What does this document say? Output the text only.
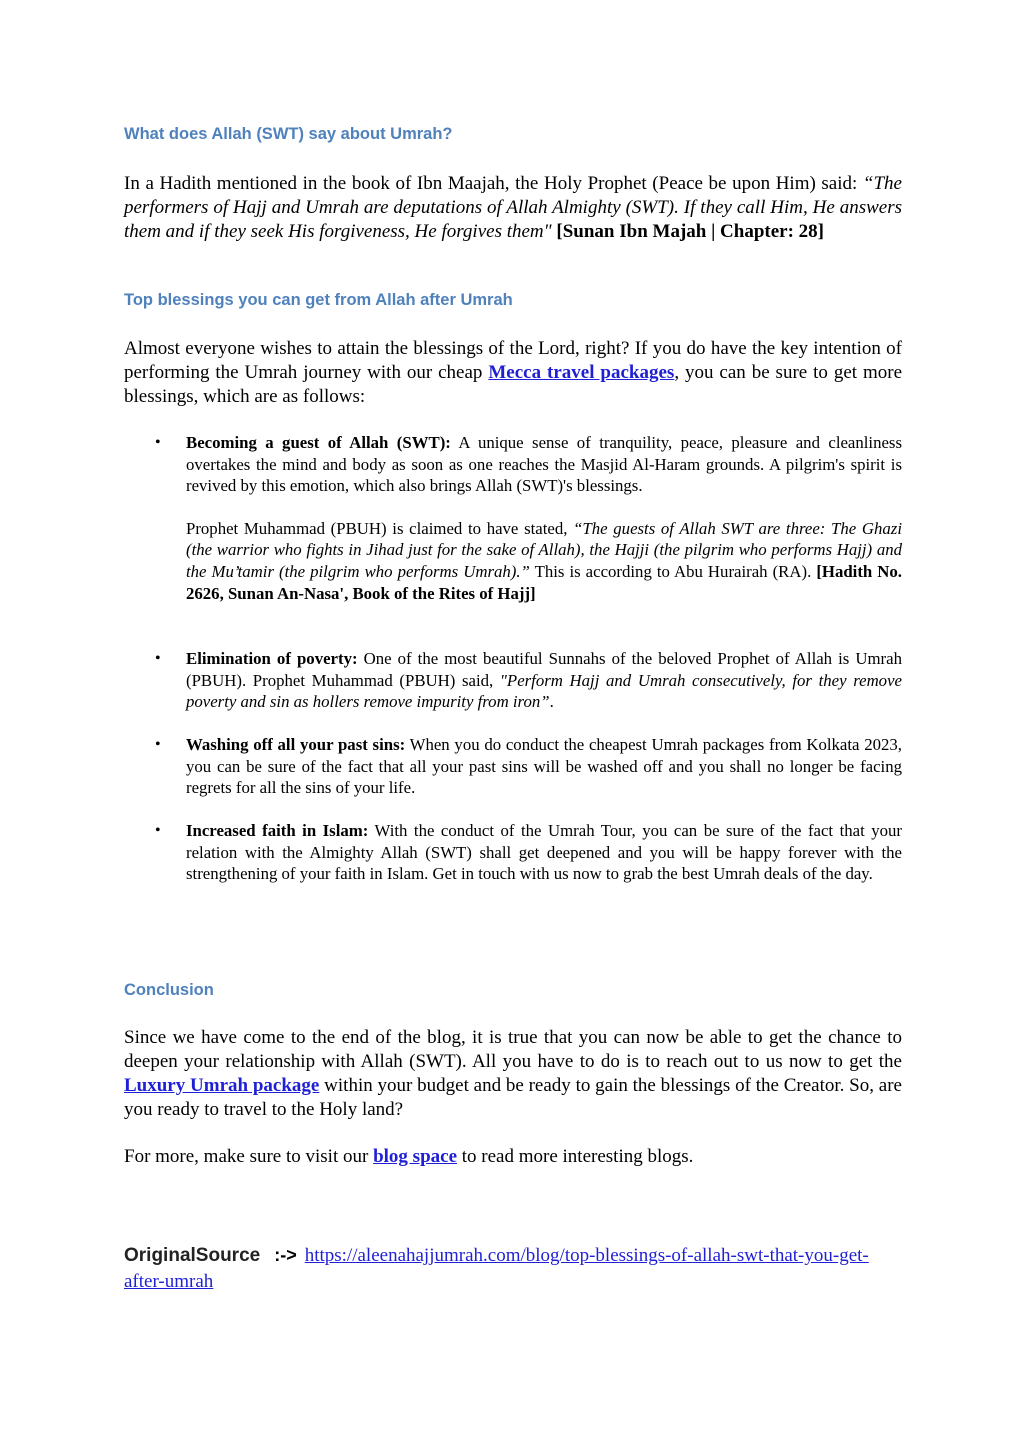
What does Allah (SWT) say about Umrah?

In a Hadith mentioned in the book of Ibn Maajah, the Holy Prophet (Peace be upon Him) said: “The performers of Hajj and Umrah are deputations of Allah Almighty (SWT). If they call Him, He answers them and if they seek His forgiveness, He forgives them" [Sunan Ibn Majah | Chapter: 28]

Top blessings you can get from Allah after Umrah

Almost everyone wishes to attain the blessings of the Lord, right? If you do have the key intention of performing the Umrah journey with our cheap Mecca travel packages, you can be sure to get more blessings, which are as follows:

• Becoming a guest of Allah (SWT): A unique sense of tranquility, peace, pleasure and cleanliness overtakes the mind and body as soon as one reaches the Masjid Al-Haram grounds. A pilgrim's spirit is revived by this emotion, which also brings Allah (SWT)'s blessings.
Prophet Muhammad (PBUH) is claimed to have stated, “The guests of Allah SWT are three: The Ghazi (the warrior who fights in Jihad just for the sake of Allah), the Hajji (the pilgrim who performs Hajj) and the Mu’tamir (the pilgrim who performs Umrah).” This is according to Abu Hurairah (RA). [Hadith No. 2626, Sunan An-Nasa', Book of the Rites of Hajj]
• Elimination of poverty: One of the most beautiful Sunnahs of the beloved Prophet of Allah is Umrah (PBUH). Prophet Muhammad (PBUH) said, "Perform Hajj and Umrah consecutively, for they remove poverty and sin as hollers remove impurity from iron”.
• Washing off all your past sins: When you do conduct the cheapest Umrah packages from Kolkata 2023, you can be sure of the fact that all your past sins will be washed off and you shall no longer be facing regrets for all the sins of your life.
• Increased faith in Islam: With the conduct of the Umrah Tour, you can be sure of the fact that your relation with the Almighty Allah (SWT) shall get deepened and you will be happy forever with the strengthening of your faith in Islam. Get in touch with us now to grab the best Umrah deals of the day.
Conclusion

Since we have come to the end of the blog, it is true that you can now be able to get the chance to deepen your relationship with Allah (SWT). All you have to do is to reach out to us now to get the Luxury Umrah package within your budget and be ready to gain the blessings of the Creator. So, are you ready to travel to the Holy land?

For more, make sure to visit our blog space to read more interesting blogs.

OriginalSource :-> https://aleenahajjumrah.com/blog/top-blessings-of-allah-swt-that-you-get-after-umrah
